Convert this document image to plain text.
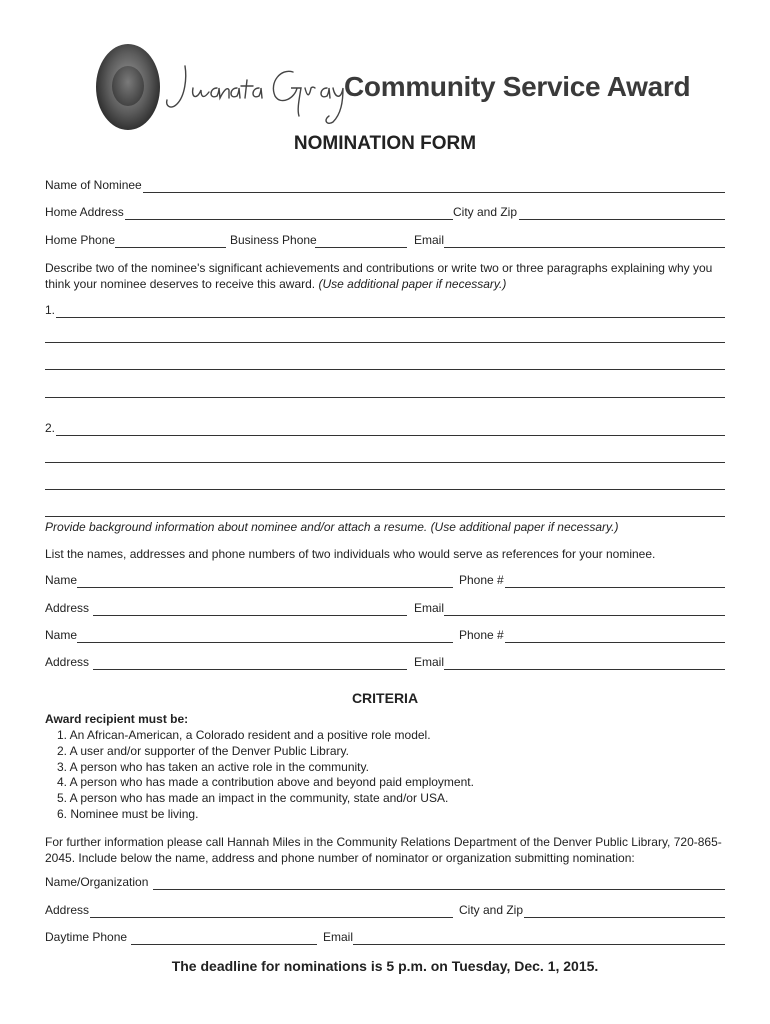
Community Service Award
NOMINATION FORM
Name of Nominee
Home Address	City and Zip
Home Phone	Business Phone	Email
Describe two of the nominee's significant achievements and contributions or write two or three paragraphs explaining why you think your nominee deserves to receive this award. (Use additional paper if necessary.)
1.
2.
Provide background information about nominee and/or attach a resume. (Use additional paper if necessary.)
List the names, addresses and phone numbers of two individuals who would serve as references for your nominee.
Name	Phone #
Address	Email
Name	Phone #
Address	Email
CRITERIA
Award recipient must be:
1. An African-American, a Colorado resident and a positive role model.
2. A user and/or supporter of the Denver Public Library.
3. A person who has taken an active role in the community.
4. A person who has made a contribution above and beyond paid employment.
5. A person who has made an impact in the community, state and/or USA.
6. Nominee must be living.
For further information please call Hannah Miles in the Community Relations Department of the Denver Public Library, 720-865-2045. Include below the name, address and phone number of nominator or organization submitting nomination:
Name/Organization
Address	City and Zip
Daytime Phone	Email
The deadline for nominations is 5 p.m. on Tuesday, Dec. 1, 2015.
